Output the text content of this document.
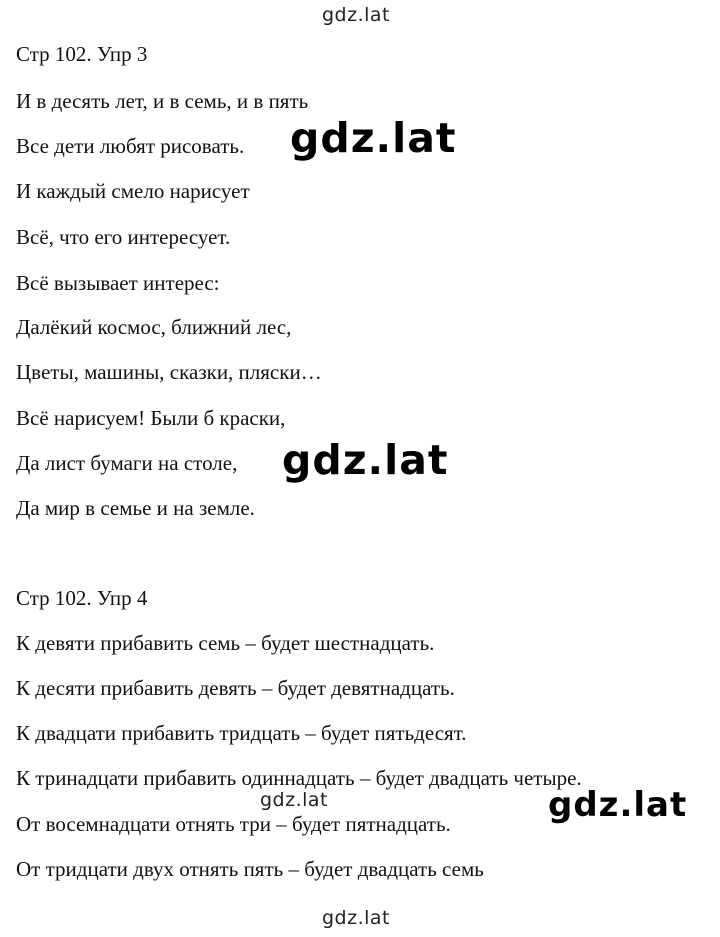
gdz.lat
Стр 102. Упр 3
И в десять лет, и в семь, и в пять
Все дети любят рисовать.
И каждый смело нарисует
Всё, что его интересует.
Всё вызывает интерес:
Далёкий космос, ближний лес,
Цветы, машины, сказки, пляски…
Всё нарисуем! Были б краски,
Да лист бумаги на столе,
Да мир в семье и на земле.
Стр 102. Упр 4
К девяти прибавить семь – будет шестнадцать.
К десяти прибавить девять – будет девятнадцать.
К двадцати прибавить тридцать – будет пятьдесят.
К тринадцати прибавить одиннадцать – будет двадцать четыре.
От восемнадцати отнять три – будет пятнадцать.
От тридцати двух отнять пять – будет двадцать семь
gdz.lat
gdz.lat
gdz.lat
gdz.lat
gdz.lat
